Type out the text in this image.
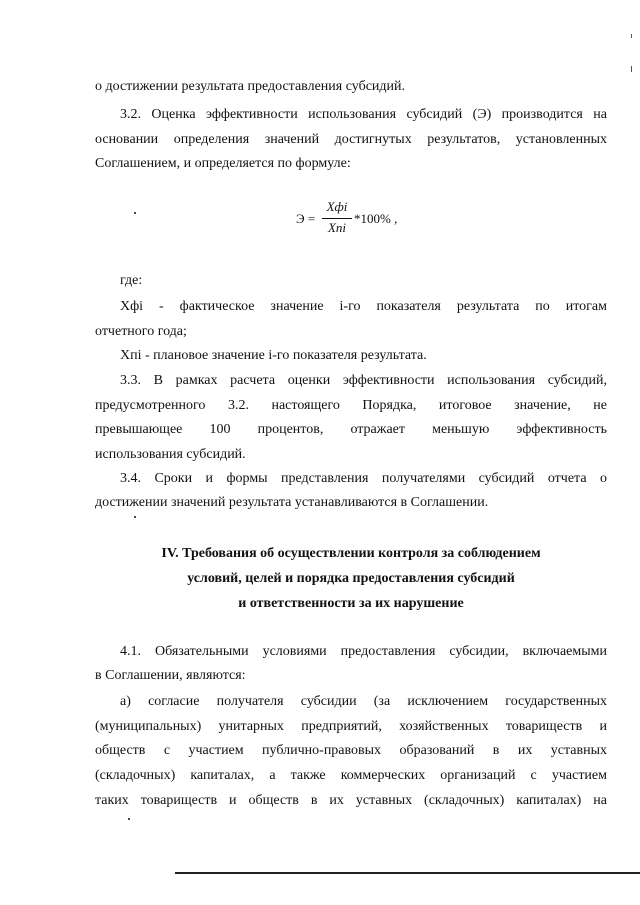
о достижении результата предоставления субсидий.
3.2. Оценка эффективности использования субсидий (Э) производится на
основании определения значений достигнутых результатов, установленных
Соглашением, и определяется по формуле:
Э =
Хфi
Хпi
*100% ,
где:
Хфi - фактическое значение i-го показателя результата по итогам
отчетного года;
Хпi - плановое значение i-го показателя результата.
3.3. В рамках расчета оценки эффективности использования субсидий,
предусмотренного 3.2. настоящего Порядка, итоговое значение, не
превышающее 100 процентов, отражает меньшую эффективность
использования субсидий.
3.4. Сроки и формы представления получателями субсидий отчета о
достижении значений результата устанавливаются в Соглашении.
IV. Требования об осуществлении контроля за соблюдением
условий, целей и порядка предоставления субсидий
и ответственности за их нарушение
4.1. Обязательными условиями предоставления субсидии, включаемыми
в Соглашении, являются:
а) согласие получателя субсидии (за исключением государственных
(муниципальных) унитарных предприятий, хозяйственных товариществ и
обществ с участием публично-правовых образований в их уставных
(складочных) капиталах, а также коммерческих организаций с участием
таких товариществ и обществ в их уставных (складочных) капиталах) на
